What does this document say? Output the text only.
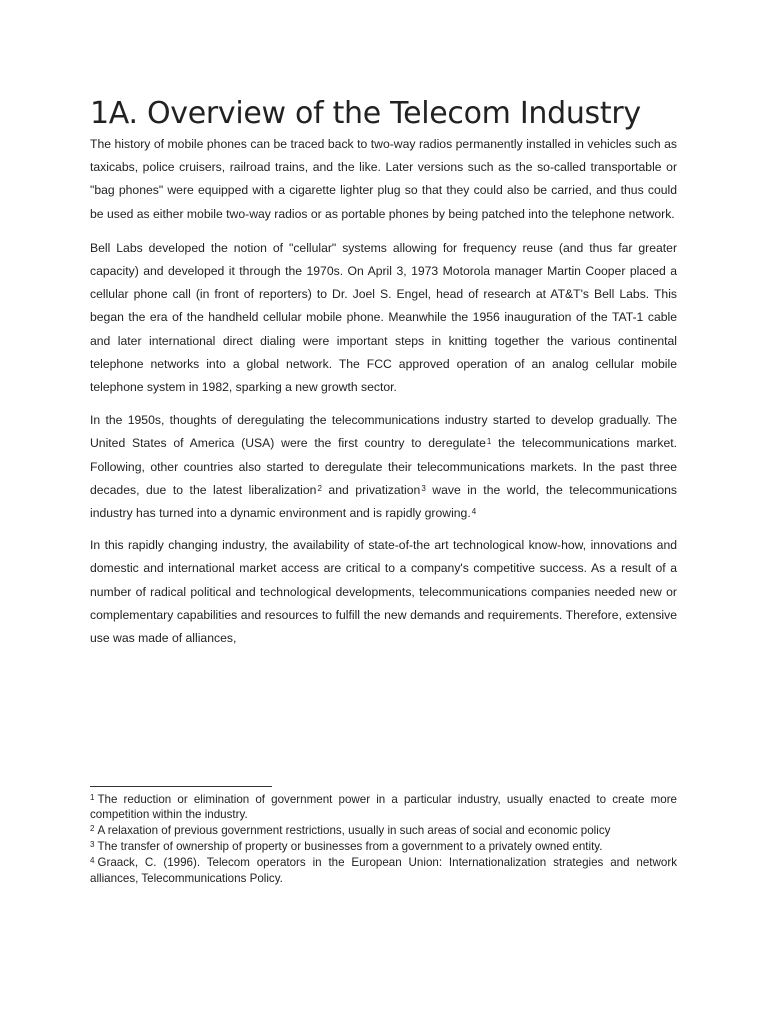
1A. Overview of the Telecom Industry

The history of mobile phones can be traced back to two-way radios permanently installed in vehicles such as taxicabs, police cruisers, railroad trains, and the like. Later versions such as the so-called transportable or "bag phones" were equipped with a cigarette lighter plug so that they could also be carried, and thus could be used as either mobile two-way radios or as portable phones by being patched into the telephone network.

Bell Labs developed the notion of "cellular" systems allowing for frequency reuse (and thus far greater capacity) and developed it through the 1970s. On April 3, 1973 Motorola manager Martin Cooper placed a cellular phone call (in front of reporters) to Dr. Joel S. Engel, head of research at AT&T's Bell Labs. This began the era of the handheld cellular mobile phone. Meanwhile the 1956 inauguration of the TAT-1 cable and later international direct dialing were important steps in knitting together the various continental telephone networks into a global network. The FCC approved operation of an analog cellular mobile telephone system in 1982, sparking a new growth sector.

In the 1950s, thoughts of deregulating the telecommunications industry started to develop gradually. The United States of America (USA) were the first country to deregulate$^1$ the telecommunications market. Following, other countries also started to deregulate their telecommunications markets. In the past three decades, due to the latest liberalization$^2$ and privatization$^3$ wave in the world, the telecommunications industry has turned into a dynamic environment and is rapidly growing.$^4$

In this rapidly changing industry, the availability of state-of-the art technological know-how, innovations and domestic and international market access are critical to a company's competitive success. As a result of a number of radical political and technological developments, telecommunications companies needed new or complementary capabilities and resources to fulfill the new demands and requirements. Therefore, extensive use was made of alliances,

$^1$ The reduction or elimination of government power in a particular industry, usually enacted to create more competition within the industry.
$^2$ A relaxation of previous government restrictions, usually in such areas of social and economic policy
$^3$ The transfer of ownership of property or businesses from a government to a privately owned entity.
$^4$ Graack, C. (1996). Telecom operators in the European Union: Internationalization strategies and network alliances, Telecommunications Policy.
